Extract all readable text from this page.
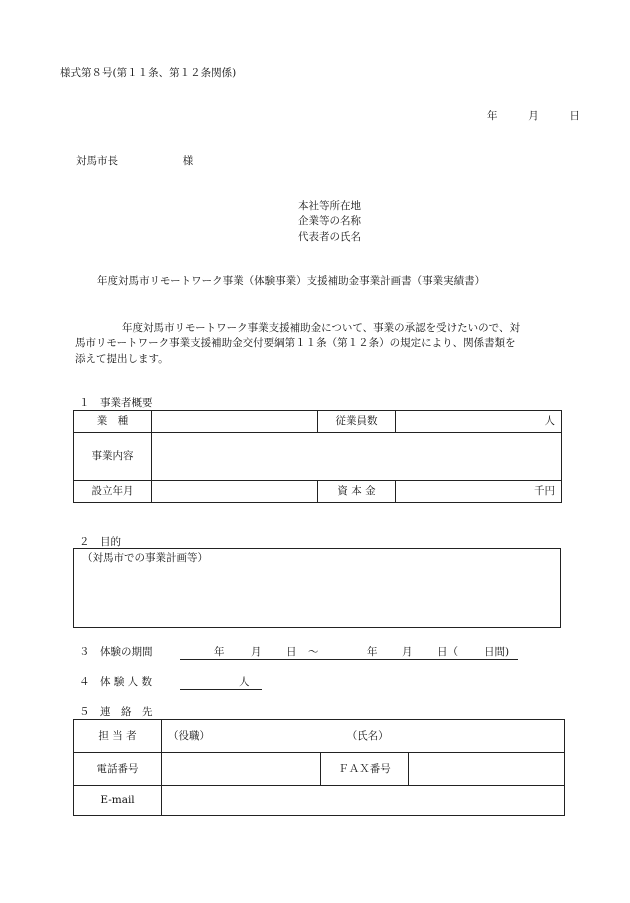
様式第８号(第１１条、第１２条関係)
年	月	日
対馬市長	様
本社等所在地
企業等の名称
代表者の氏名
年度対馬市リモートワーク事業（体験事業）支援補助金事業計画書（事業実績書）
年度対馬市リモートワーク事業支援補助金について、事業の承認を受けたいので、対
馬市リモートワーク事業支援補助金交付要綱第１１条（第１２条）の規定により、関係書類を
添えて提出します。
１　事業者概要
業　種		従業員数	人
事業内容			
設立年月		資 本 金	千円
２　目的
（対馬市での事業計画等）
３　体験の期間	年	月 日 ～	年 月 日（ 日間)
４　体 験 人 数	人
５　連　絡　先
担 当 者	（役職） （氏名）		
電話番号		ＦＡＸ番号	
E-mail			
